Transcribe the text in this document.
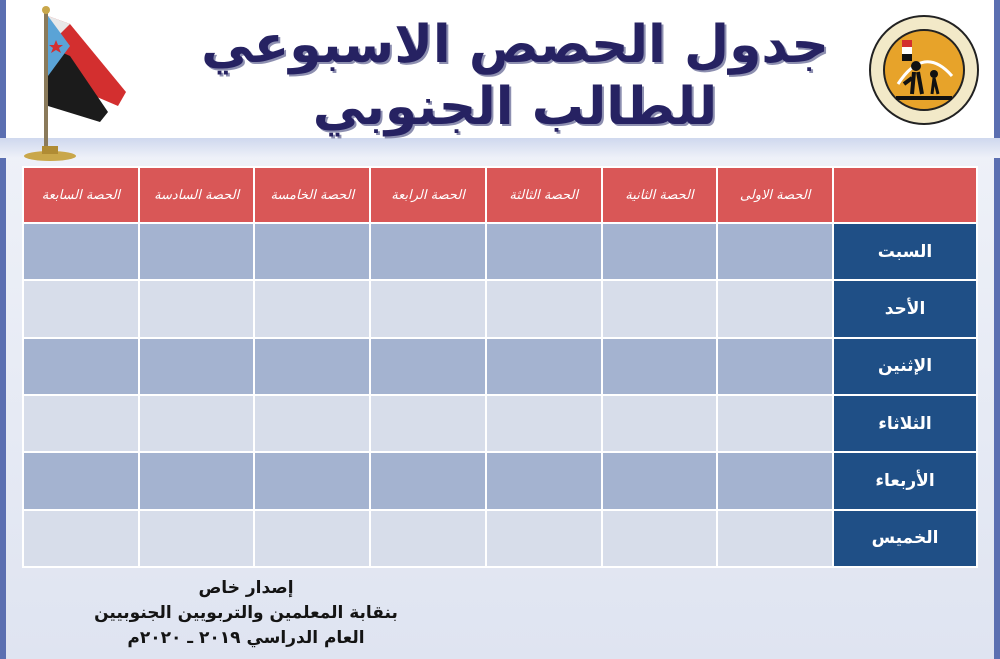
جدول الحصص الاسبوعي
للطالب الجنوبي
	الحصة الاولى	الحصة الثانية	الحصة الثالثة	الحصة الرابعة	الحصة الخامسة	الحصة السادسة	الحصة السابعة
السبت							
الأحد							
الإثنين							
الثلاثاء							
الأربعاء							
الخميس							
إصدار خاص
بنقابة المعلمين والتربويين الجنوبيين
العام الدراسي ٢٠١٩ ـ ٢٠٢٠م
